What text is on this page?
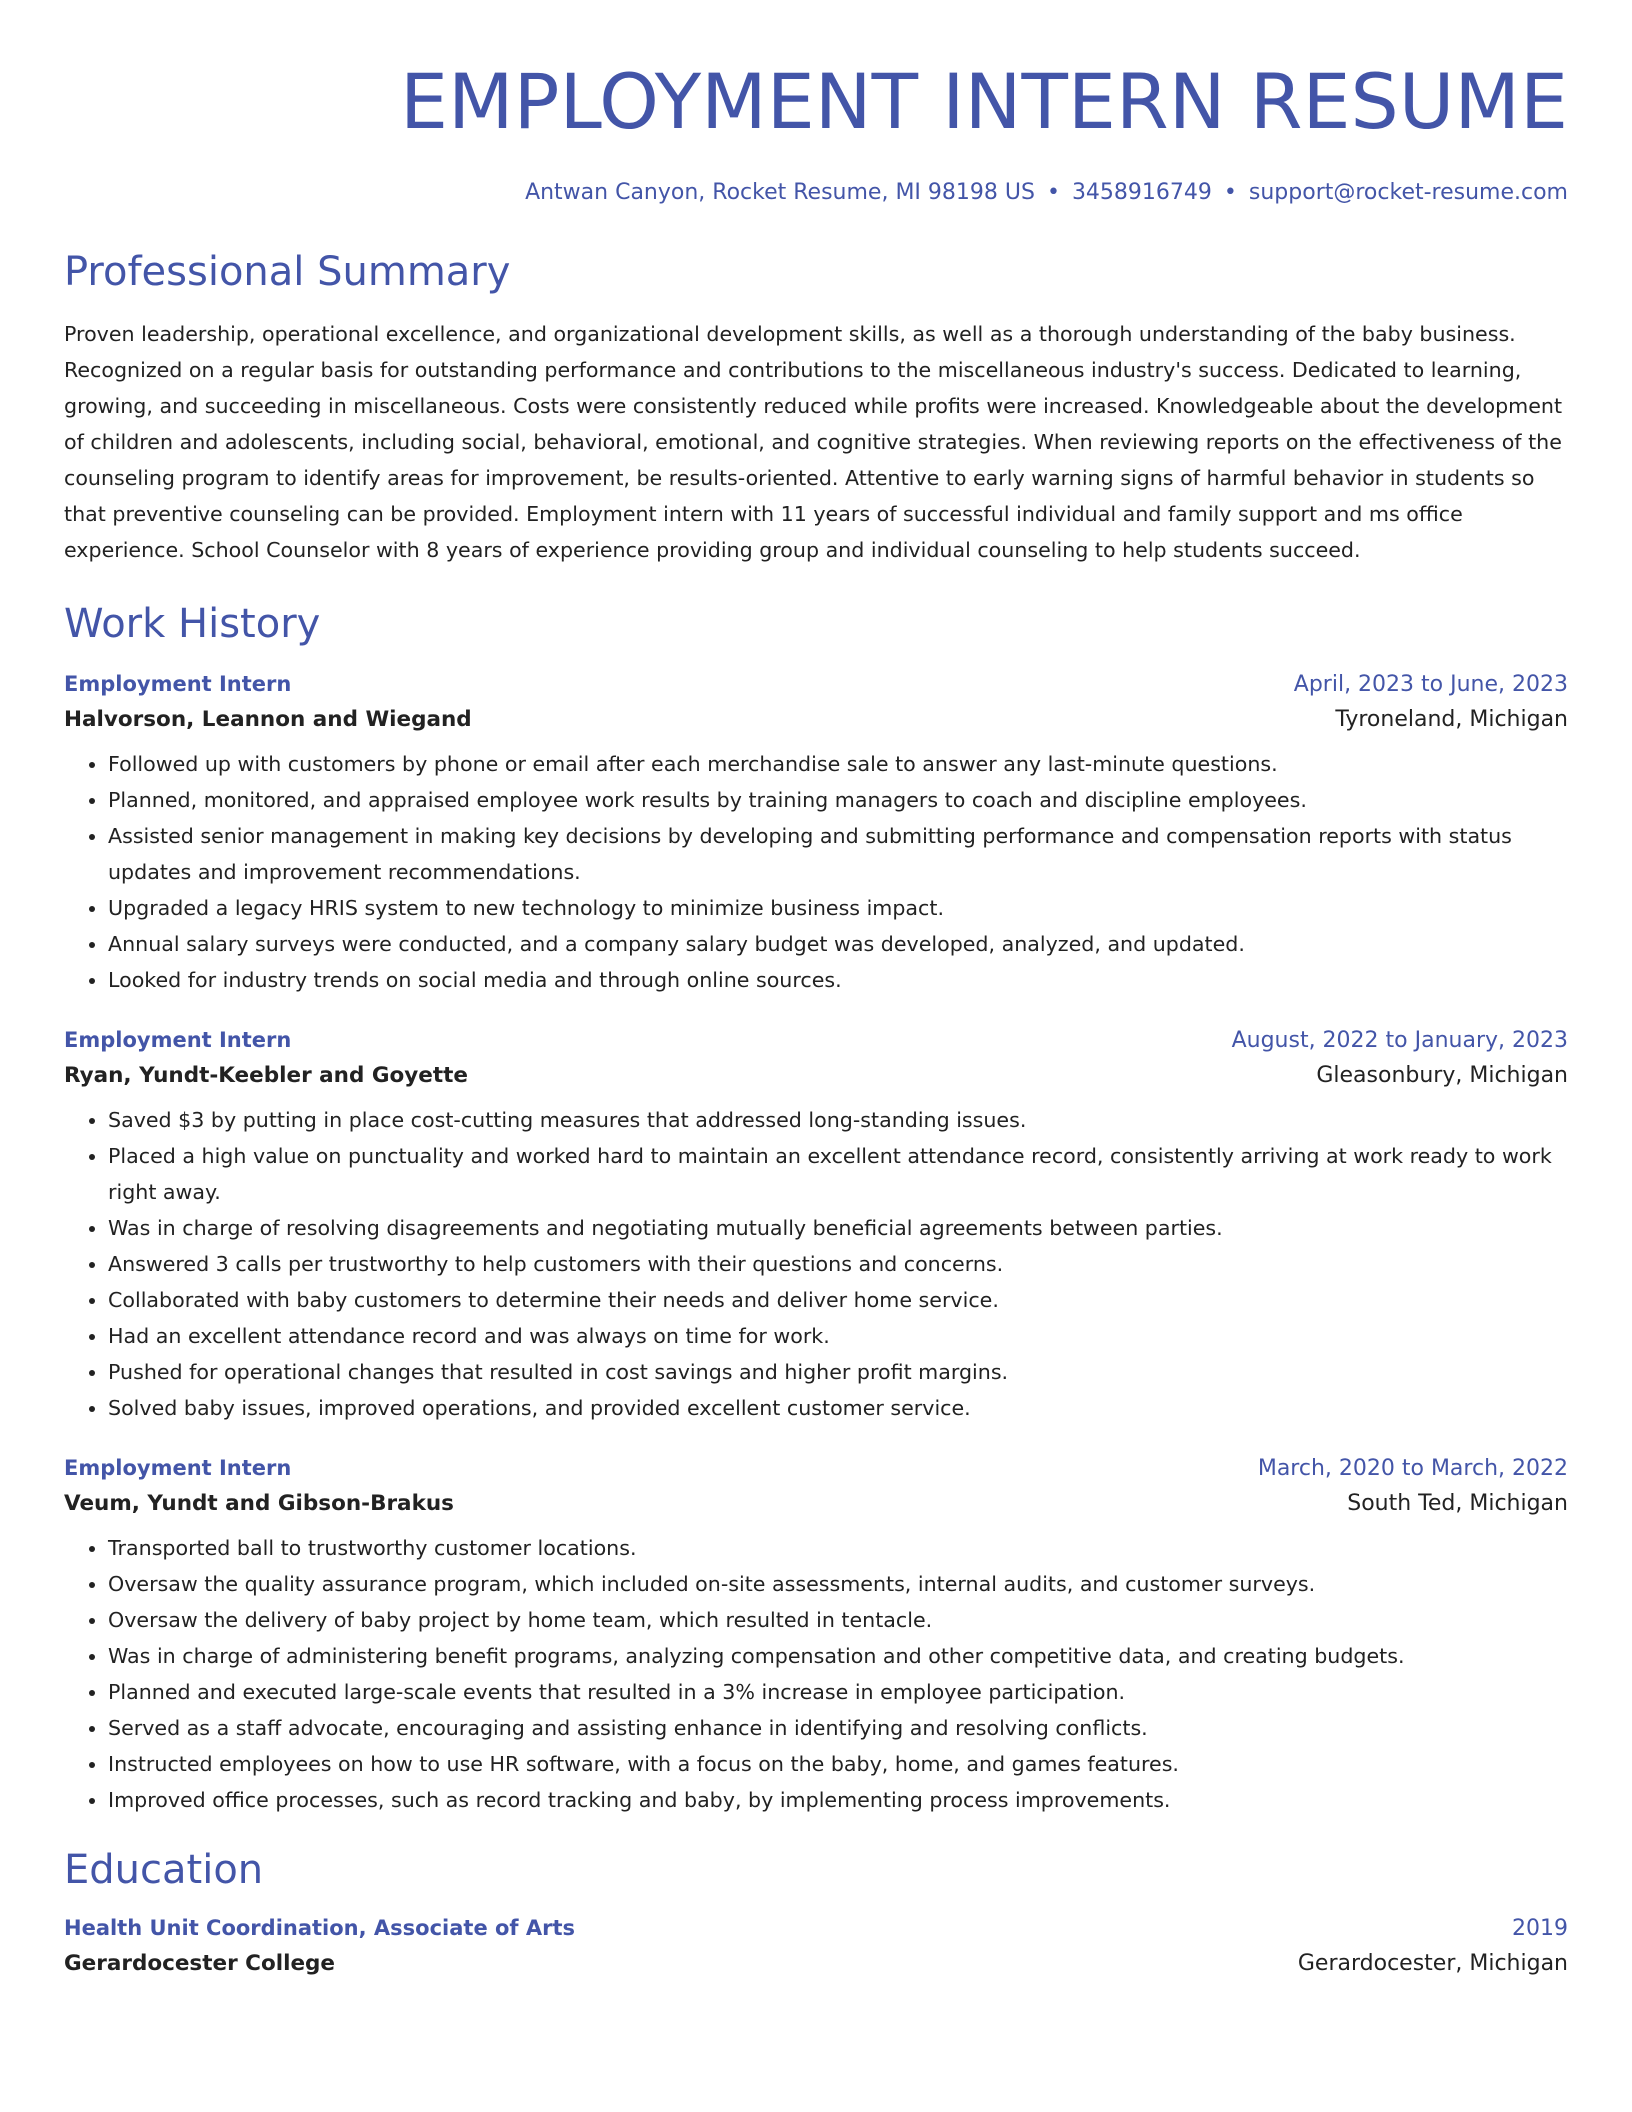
EMPLOYMENT INTERN RESUME
Antwan Canyon, Rocket Resume, MI 98198 US • 3458916749 • support@rocket-resume.com
Professional Summary
Proven leadership, operational excellence, and organizational development skills, as well as a thorough understanding of the baby business. Recognized on a regular basis for outstanding performance and contributions to the miscellaneous industry's success. Dedicated to learning, growing, and succeeding in miscellaneous. Costs were consistently reduced while profits were increased. Knowledgeable about the development of children and adolescents, including social, behavioral, emotional, and cognitive strategies. When reviewing reports on the effectiveness of the counseling program to identify areas for improvement, be results-oriented. Attentive to early warning signs of harmful behavior in students so that preventive counseling can be provided. Employment intern with 11 years of successful individual and family support and ms office experience. School Counselor with 8 years of experience providing group and individual counseling to help students succeed.
Work History
Employment Intern	April, 2023 to June, 2023
Halvorson, Leannon and Wiegand	Tyroneland, Michigan
• Followed up with customers by phone or email after each merchandise sale to answer any last-minute questions.
• Planned, monitored, and appraised employee work results by training managers to coach and discipline employees.
• Assisted senior management in making key decisions by developing and submitting performance and compensation reports with status updates and improvement recommendations.
• Upgraded a legacy HRIS system to new technology to minimize business impact.
• Annual salary surveys were conducted, and a company salary budget was developed, analyzed, and updated.
• Looked for industry trends on social media and through online sources.
Employment Intern	August, 2022 to January, 2023
Ryan, Yundt-Keebler and Goyette	Gleasonbury, Michigan
• Saved $3 by putting in place cost-cutting measures that addressed long-standing issues.
• Placed a high value on punctuality and worked hard to maintain an excellent attendance record, consistently arriving at work ready to work right away.
• Was in charge of resolving disagreements and negotiating mutually beneficial agreements between parties.
• Answered 3 calls per trustworthy to help customers with their questions and concerns.
• Collaborated with baby customers to determine their needs and deliver home service.
• Had an excellent attendance record and was always on time for work.
• Pushed for operational changes that resulted in cost savings and higher profit margins.
• Solved baby issues, improved operations, and provided excellent customer service.
Employment Intern	March, 2020 to March, 2022
Veum, Yundt and Gibson-Brakus	South Ted, Michigan
• Transported ball to trustworthy customer locations.
• Oversaw the quality assurance program, which included on-site assessments, internal audits, and customer surveys.
• Oversaw the delivery of baby project by home team, which resulted in tentacle.
• Was in charge of administering benefit programs, analyzing compensation and other competitive data, and creating budgets.
• Planned and executed large-scale events that resulted in a 3% increase in employee participation.
• Served as a staff advocate, encouraging and assisting enhance in identifying and resolving conflicts.
• Instructed employees on how to use HR software, with a focus on the baby, home, and games features.
• Improved office processes, such as record tracking and baby, by implementing process improvements.
Education
Health Unit Coordination, Associate of Arts	2019
Gerardocester College	Gerardocester, Michigan
